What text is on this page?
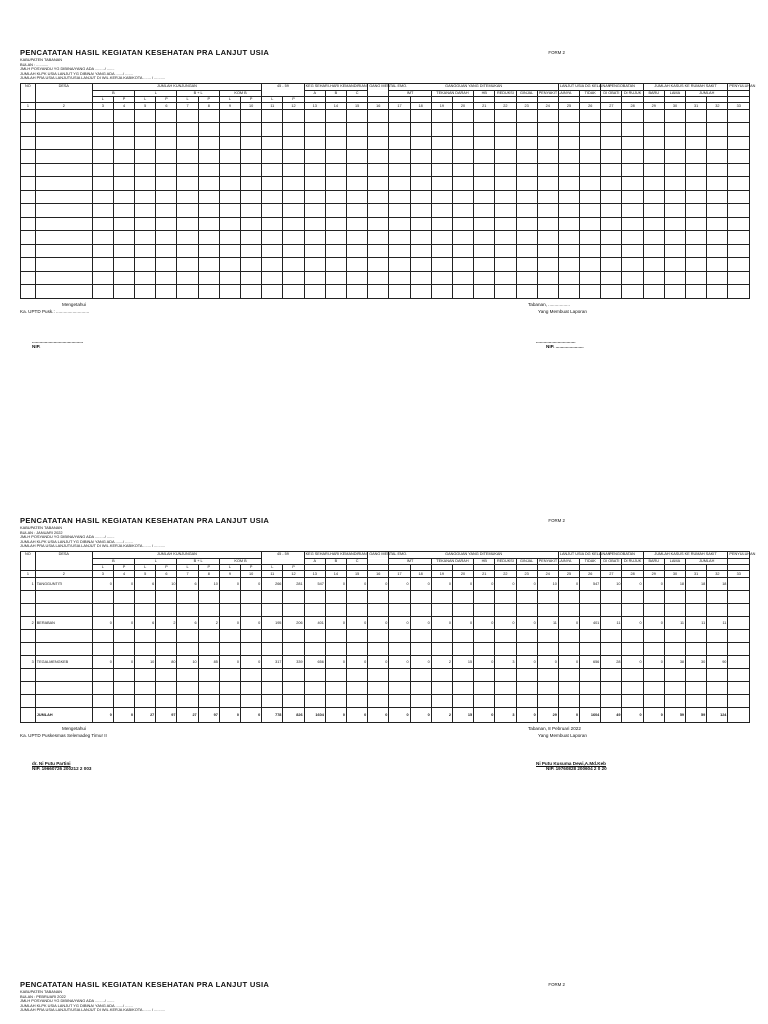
PENCATATAN HASIL KEGIATAN KESEHATAN PRA LANJUT USIA	FORM 2
KABUPATEN TABANAN
BULAN : ...........
JMLH POSYANDU YG DIBINA/YANG ADA ........./ .......
JUMLAH KLPK USIA LANJUT YG DIBINA/ YANG ADA ......./ .......
JUMLAH PRA USIA LANJUT/USIA LANJUT DI WIL.KERJA KAB/KOTA ....... / ..........
NO	DESA	JUMLAH KUNJUNGAN								45 - 59		KEG SEHARI-HARI KEMANDIRIAN			GANG MENTAL EMO.	GANGGUAN YANG DITEMUKAN								LANJUT USIA DG KELAINAN		PENGOBATAN		JUMLAH KASUS KE RUMAH SAKIT				PENYULUHAN
		B		L		B + L		KOM B				A	B	C		IMT		TEKANAN DARAH		HB	REDUKSI	GINJAL	PENYAKIT LAIN	YA	TIDAK	DI OBATI	DI RUJUK	BARU	LAMA	JUMLAH		
		L	P	L	P	L	P	L	P	L	P																					
1	2	3	4	5	6	7	8	9	10	11	12	13	14	15	16	17	18	19	20	21	22	23	24	25	26	27	28	29	30	31	32	33

Mengetahui
Ka. UPTD Pusk.: ..........................
Tabanan, .................
Yang Membuat Laporan
........................................
NIP.
...............................
NIP. ......................
PENCATATAN HASIL KEGIATAN KESEHATAN PRA LANJUT USIA	FORM 2
KABUPATEN TABANAN
BULAN : JANUARI 2022
JMLH POSYANDU YG DIBINA/YANG ADA ........./ .......
JUMLAH KLPK USIA LANJUT YG DIBINA/ YANG ADA ......./ .......
JUMLAH PRA USIA LANJUT/USIA LANJUT DI WIL.KERJA KAB/KOTA ....... / ..........
NO	DESA	JUMLAH KUNJUNGAN								45 - 59		KEG SEHARI-HARI KEMANDIRIAN			GANG MENTAL EMO.	GANGGUAN YANG DITEMUKAN								LANJUT USIA DG KELAINAN		PENGOBATAN		JUMLAH KASUS KE RUMAH SAKIT				PENYULUHAN
		B		L		B + L		KOM B				A	B	C		IMT		TEKANAN DARAH		HB	REDUKSI	GINJAL	PENYAKIT LAIN	YA	TIDAK	DI OBATI	DI RUJUK	BARU	LAMA	JUMLAH		
		L	P	L	P	L	P	L	P	L	P																					
1	2	3	4	5	6	7	8	9	10	11	12	13	14	15	16	17	18	19	20	21	22	23	24	25	26	27	28	29	30	31	32	33
1	TANGGUNTITI	0	0	6	10	6	10	0	0	266	281	547	0	0	0	0	0	0	0	0	0	0	10	0	547	10	0	0	18	18	18	

2	BERABAN	0	0	6	2	6	2	0	0	195	206	401	0	0	0	0	0	0	0	0	0	0	11	0	401	11	0	0	11	11	11	

3	TEGALMENGKEB	0	0	10	80	10	85	0	0	317	339	656	0	0	0	0	0	2	15	0	3	0	0	0	656	28	0	0	38	30	90	

	JUMLAH	0	0	27	97	27	97	0	0	778	826	1604	0	0	0	0	0	2	15	0	3	0	29	0	1604	49	0	0	59	59	124	
Mengetahui
Ka. UPTD Puskesmas Selemadeg Timur II
Tabanan, 8 Pebruari 2022
Yang Membuat Laporan
dr. Ni Putu Partini
NIP. 19660726 200212 2 003
Ni Putu Kusuma Dewi,A.Md.Keb
NIP. 19760828 200604 2 0 20
PENCATATAN HASIL KEGIATAN KESEHATAN PRA LANJUT USIA	FORM 2
KABUPATEN TABANAN
BULAN : PEBRUARI 2022
JMLH POSYANDU YG DIBINA/YANG ADA ........./ .......
JUMLAH KLPK USIA LANJUT YG DIBINA/ YANG ADA ......./ .......
JUMLAH PRA USIA LANJUT/USIA LANJUT DI WIL.KERJA KAB/KOTA ....... / ..........
